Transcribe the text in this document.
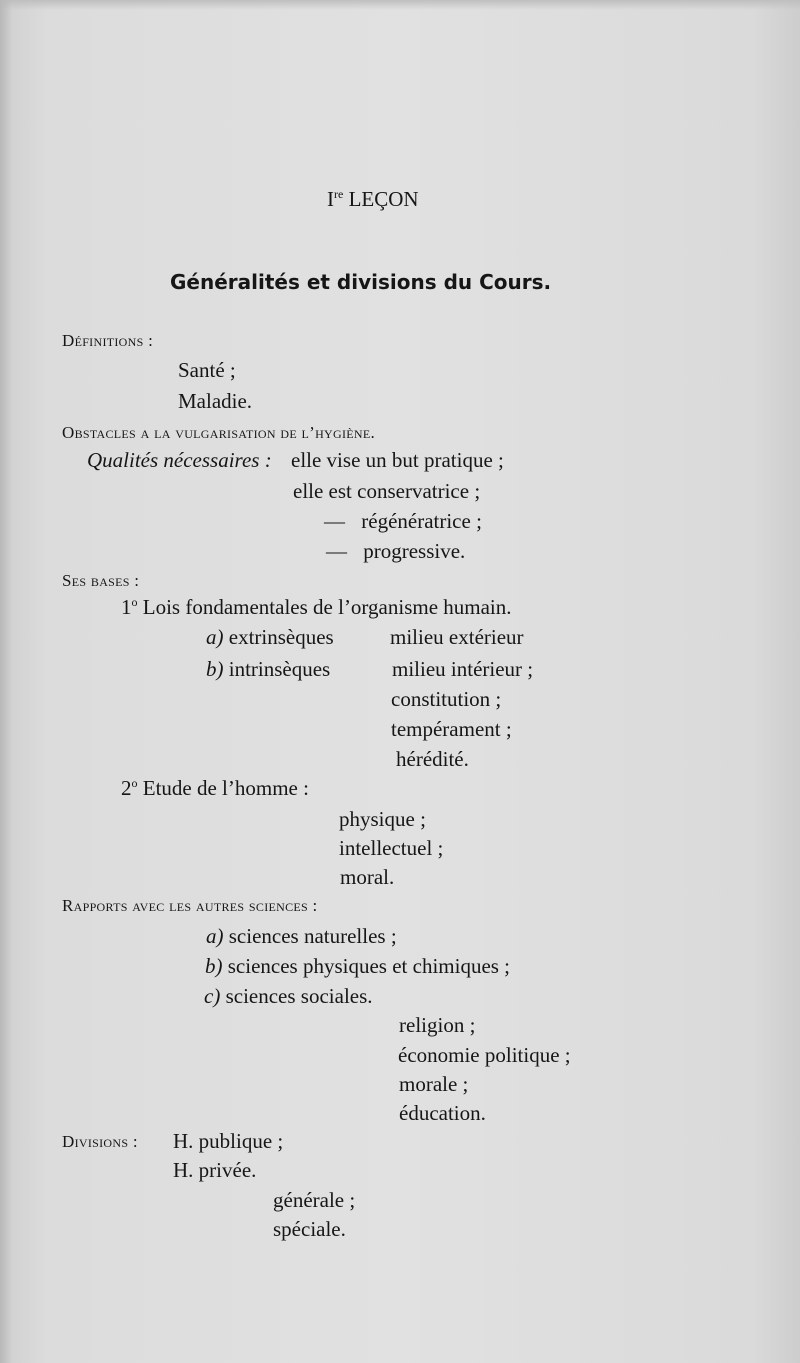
Ire LEÇON
Généralités et divisions du Cours.
Définitions :
Santé ;
Maladie.
Obstacles a la vulgarisation de l’hygiène.
Qualités nécessaires : elle vise un but pratique ;
elle est conservatrice ;
— régénératrice ;
— progressive.
Ses bases :
1$^o$ Lois fondamentales de l’organisme humain.
a) extrinsèques	milieu extérieur
b) intrinsèques	milieu intérieur ;
constitution ;
tempérament ;
hérédité.
2$^o$ Etude de l’homme :
physique ;
intellectuel ;
moral.
Rapports avec les autres sciences :
a) sciences naturelles ;
b) sciences physiques et chimiques ;
c) sciences sociales.
religion ;
économie politique ;
morale ;
éducation.
Divisions : H. publique ;
H. privée.
générale ;
spéciale.
